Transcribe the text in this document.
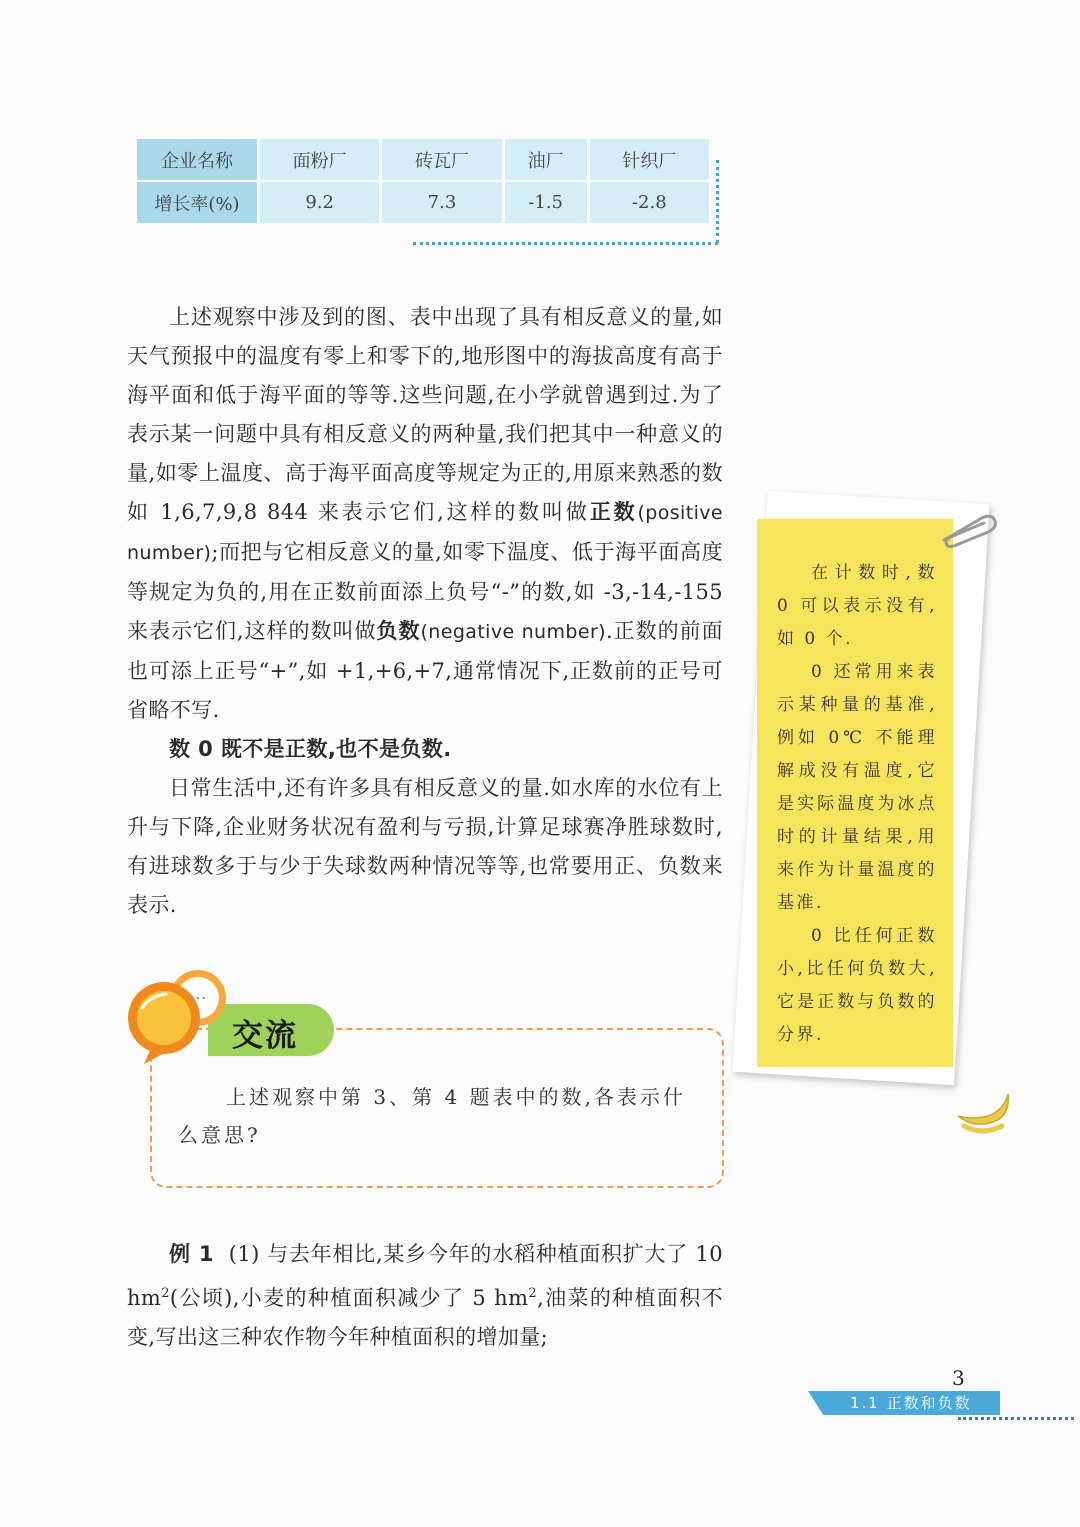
企业名称	面粉厂	砖瓦厂	油厂	针织厂
增长率(%)	9.2	7.3	-1.5	-2.8

上述观察中涉及到的图、表中出现了具有相反意义的量,如天气预报中的温度有零上和零下的,地形图中的海拔高度有高于海平面和低于海平面的等等.这些问题,在小学就曾遇到过.为了表示某一问题中具有相反意义的两种量,我们把其中一种意义的量,如零上温度、高于海平面高度等规定为正的,用原来熟悉的数如 1,6,7,9,8 844 来表示它们,这样的数叫做正数(positive number);而把与它相反意义的量,如零下温度、低于海平面高度等规定为负的,用在正数前面添上负号“-”的数,如 -3,-14,-155 来表示它们,这样的数叫做负数(negative number).正数的前面也可添上正号“+”,如 +1,+6,+7,通常情况下,正数前的正号可省略不写.

数 0 既不是正数,也不是负数.

日常生活中,还有许多具有相反意义的量.如水库的水位有上升与下降,企业财务状况有盈利与亏损,计算足球赛净胜球数时,有进球数多于与少于失球数两种情况等等,也常要用正、负数来表示.

在计数时,数 0 可以表示没有,如 0 个.

0 还常用来表示某种量的基准,例如 0℃ 不能理解成没有温度,它是实际温度为冰点时的计量结果,用来作为计量温度的基准.

0 比任何正数小,比任何负数大,它是正数与负数的分界.

···
交流

上述观察中第 3、第 4 题表中的数,各表示什么意思?

例 1 (1) 与去年相比,某乡今年的水稻种植面积扩大了 10 $hm^2$(公顷),小麦的种植面积减少了 5 $hm^2$,油菜的种植面积不变,写出这三种农作物今年种植面积的增加量;

3
1.1 正数和负数
